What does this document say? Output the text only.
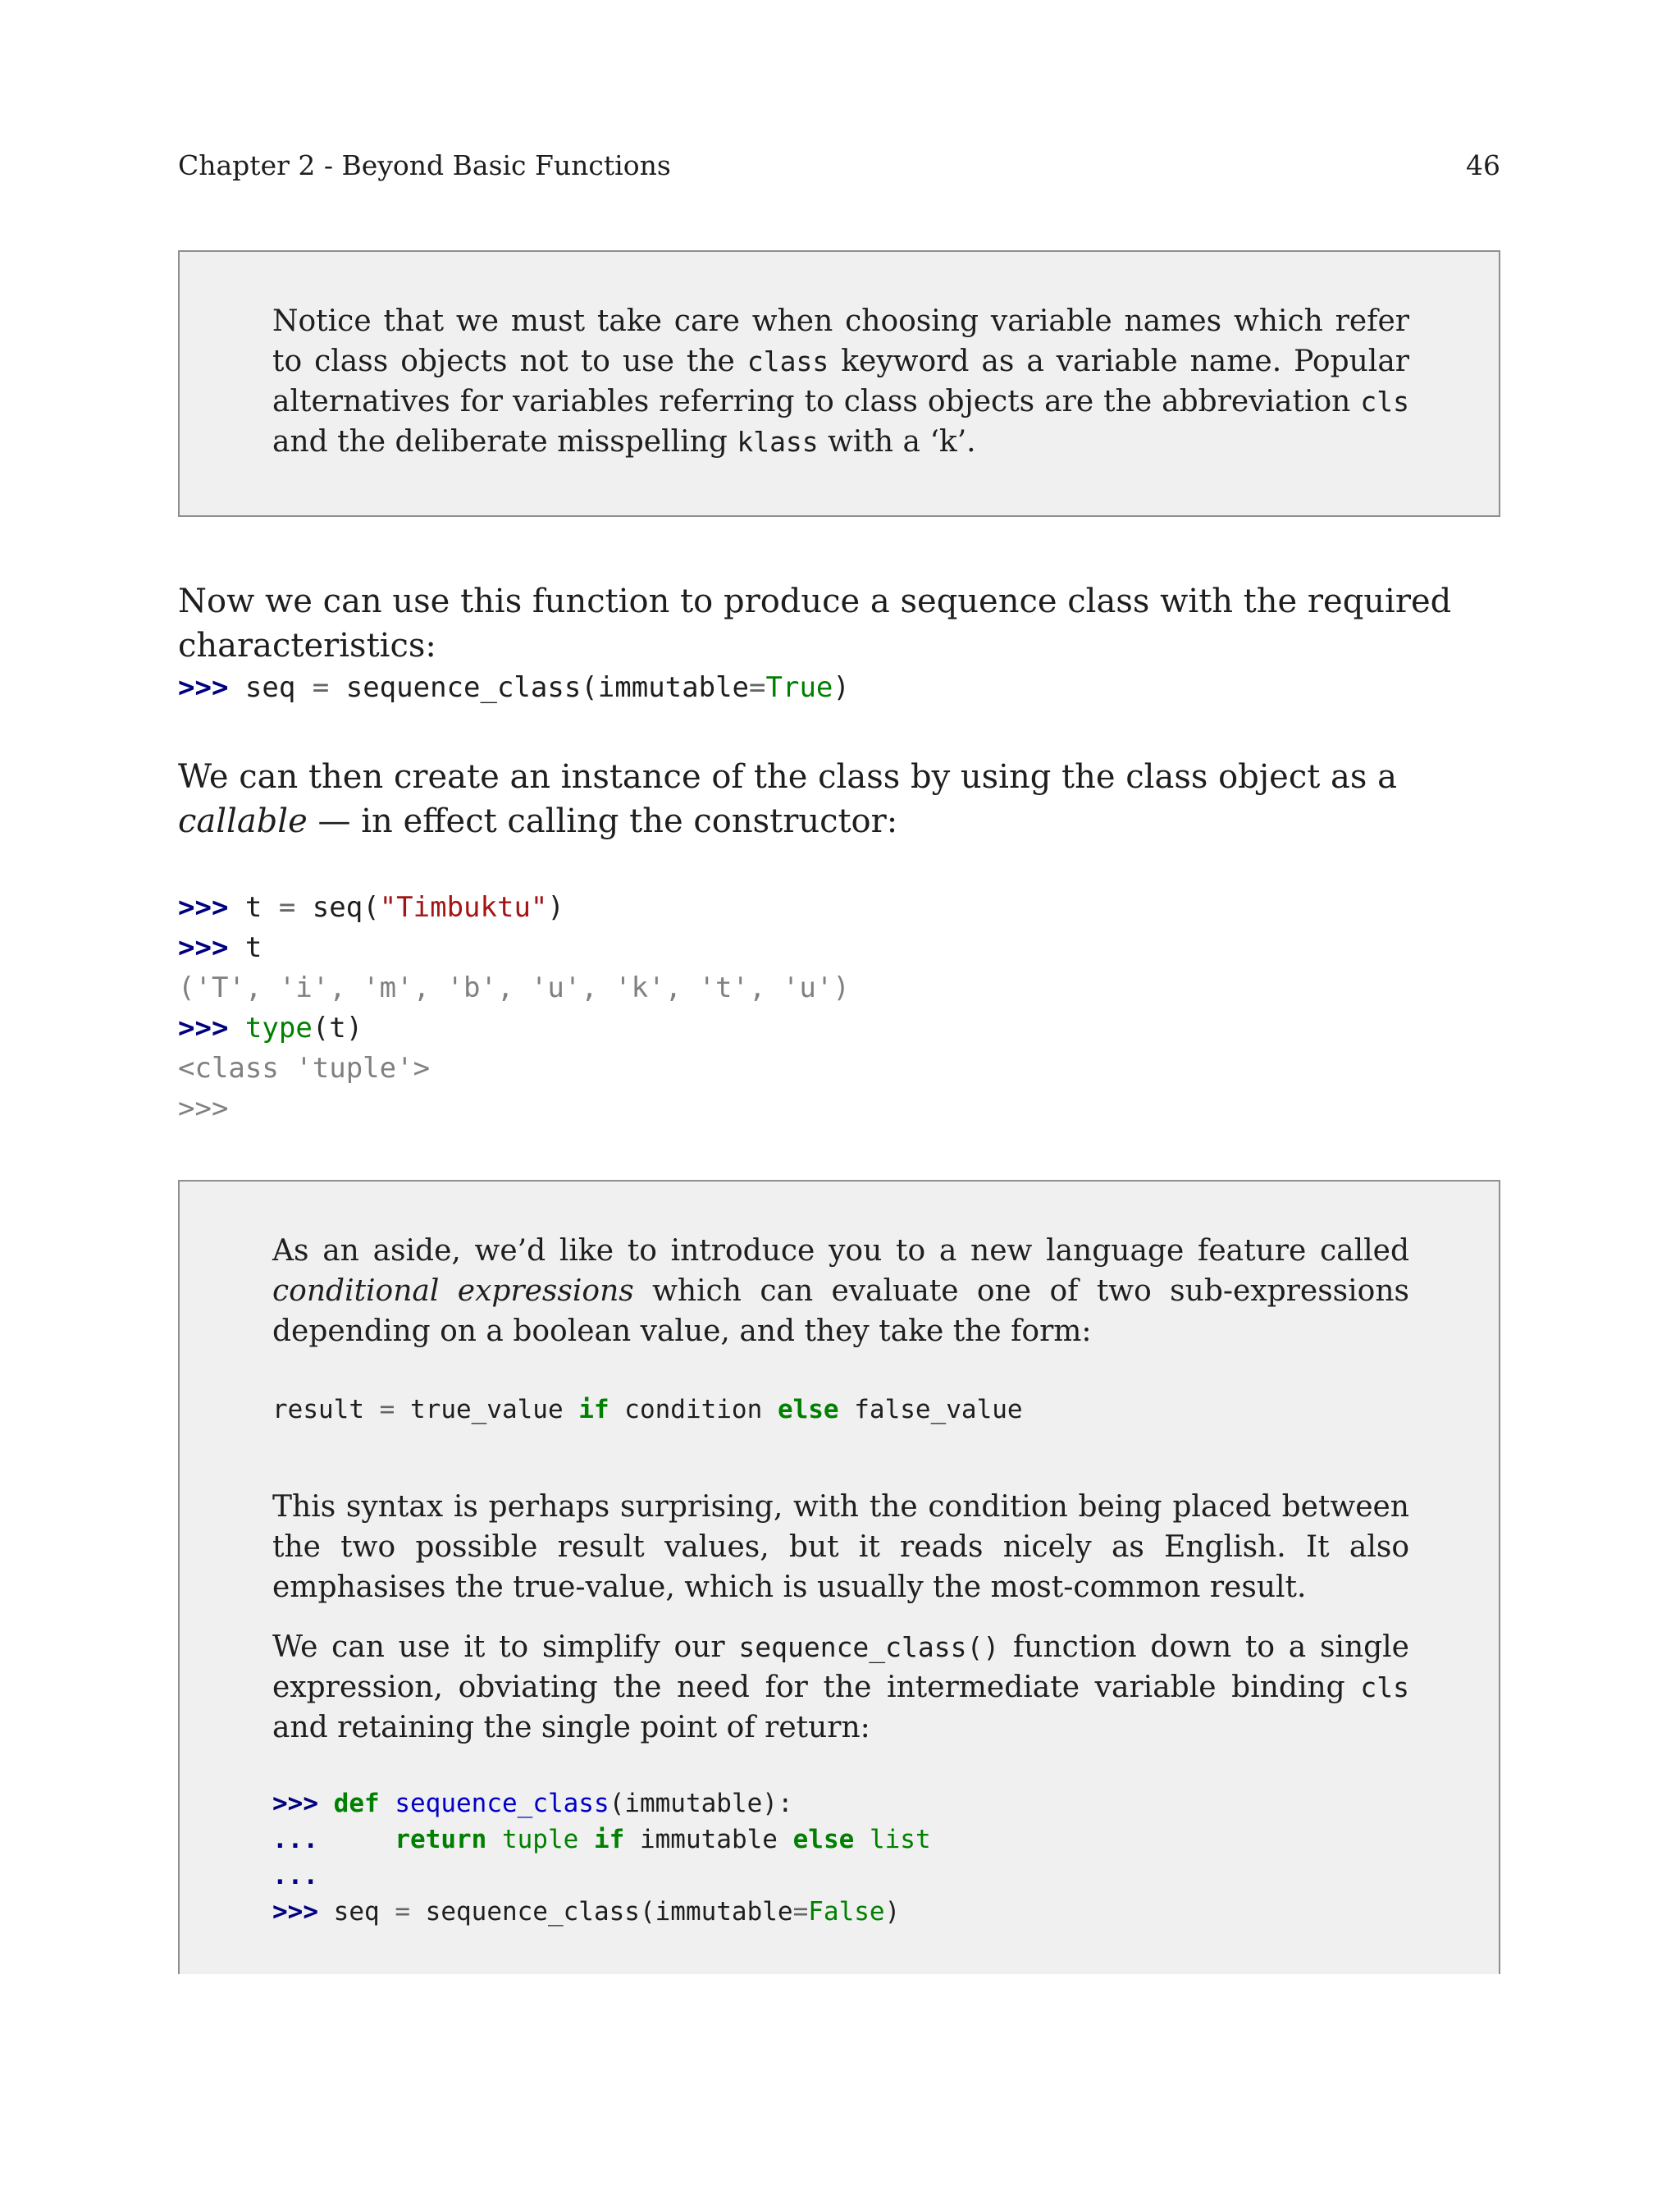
Chapter 2 - Beyond Basic Functions	46

Notice that we must take care when choosing variable names which refer to class objects not to use the class keyword as a variable name. Popular alternatives for variables referring to class objects are the abbreviation cls and the deliberate misspelling klass with a ‘k’.

Now we can use this function to produce a sequence class with the required characteristics:

>>> seq = sequence_class(immutable=True)

We can then create an instance of the class by using the class object as a callable — in effect calling the constructor:

>>> t = seq("Timbuktu")
>>> t
('T', 'i', 'm', 'b', 'u', 'k', 't', 'u')
>>> type(t)
<class 'tuple'>
>>>

As an aside, we’d like to introduce you to a new language feature called conditional expressions which can evaluate one of two sub-expressions depending on a boolean value, and they take the form:

result = true_value if condition else false_value

This syntax is perhaps surprising, with the condition being placed between the two possible result values, but it reads nicely as English. It also emphasises the true-value, which is usually the most-common result.

We can use it to simplify our sequence_class() function down to a single expression, obviating the need for the intermediate variable binding cls and retaining the single point of return:

>>> def sequence_class(immutable):
...	return tuple if immutable else list
...
>>> seq = sequence_class(immutable=False)
